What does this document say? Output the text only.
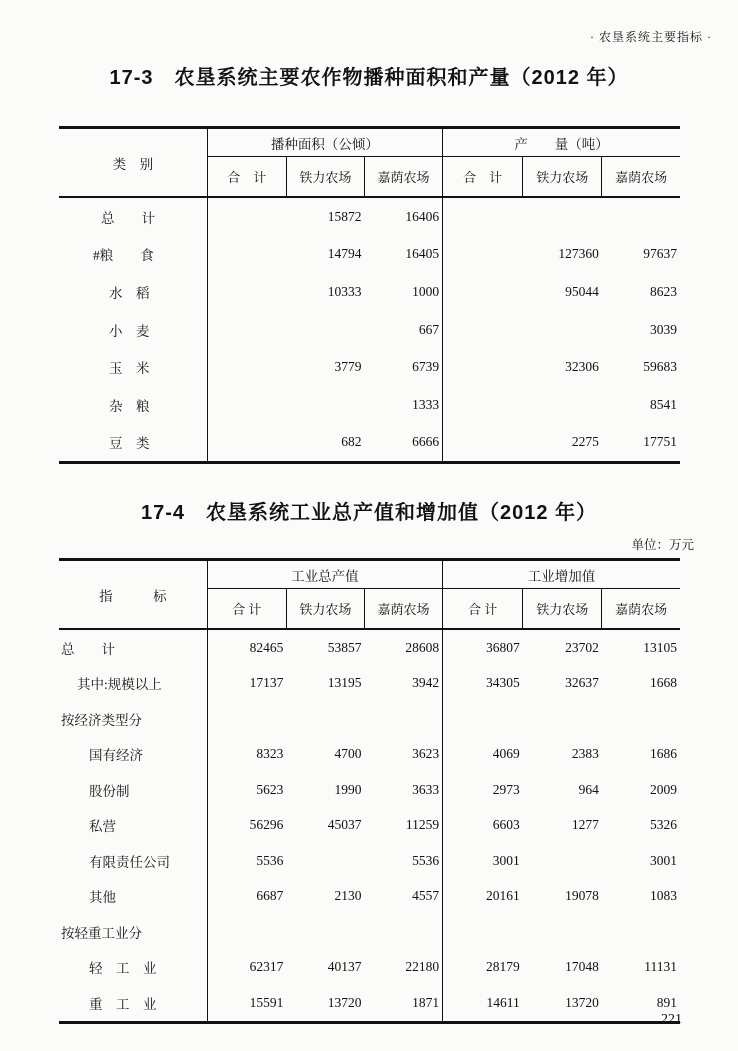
· 农垦系统主要指标 ·
17-3　农垦系统主要农作物播种面积和产量（2012 年）
类　别	播种面积（公倾）			产　　量（吨）		
	合　计	铁力农场	嘉荫农场	合　计	铁力农场	嘉荫农场
总　　计		15872	16406			
#粮　　食		14794	16405		127360	97637
水　稻		10333	1000		95044	8623
小　麦			667			3039
玉　米		3779	6739		32306	59683
杂　粮			1333			8541
豆　类		682	6666		2275	17751
17-4　农垦系统工业总产值和增加值（2012 年）
单位：万元
指　　　标	工业总产值			工业增加值		
	合 计	铁力农场	嘉荫农场	合 计	铁力农场	嘉荫农场
总　　计	82465	53857	28608	36807	23702	13105
其中:规模以上	17137	13195	3942	34305	32637	1668
按经济类型分						
国有经济	8323	4700	3623	4069	2383	1686
股份制	5623	1990	3633	2973	964	2009
私营	56296	45037	11259	6603	1277	5326
有限责任公司	5536		5536	3001		3001
其他	6687	2130	4557	20161	19078	1083
按轻重工业分						
轻　工　业	62317	40137	22180	28179	17048	11131
重　工　业	15591	13720	1871	14611	13720	891
221
